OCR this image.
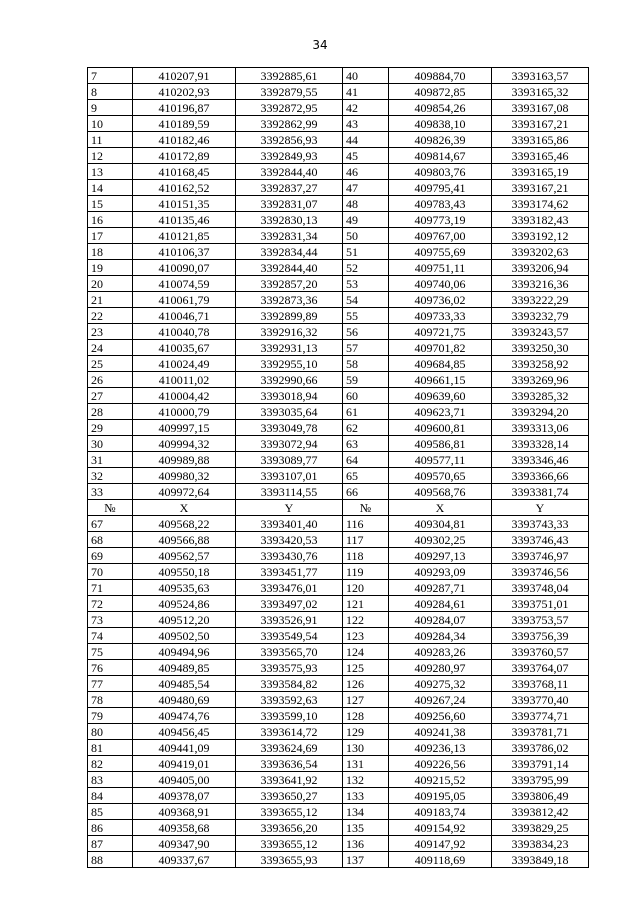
34
7	410207,91	3392885,61	40	409884,70	3393163,57
8	410202,93	3392879,55	41	409872,85	3393165,32
9	410196,87	3392872,95	42	409854,26	3393167,08
10	410189,59	3392862,99	43	409838,10	3393167,21
11	410182,46	3392856,93	44	409826,39	3393165,86
12	410172,89	3392849,93	45	409814,67	3393165,46
13	410168,45	3392844,40	46	409803,76	3393165,19
14	410162,52	3392837,27	47	409795,41	3393167,21
15	410151,35	3392831,07	48	409783,43	3393174,62
16	410135,46	3392830,13	49	409773,19	3393182,43
17	410121,85	3392831,34	50	409767,00	3393192,12
18	410106,37	3392834,44	51	409755,69	3393202,63
19	410090,07	3392844,40	52	409751,11	3393206,94
20	410074,59	3392857,20	53	409740,06	3393216,36
21	410061,79	3392873,36	54	409736,02	3393222,29
22	410046,71	3392899,89	55	409733,33	3393232,79
23	410040,78	3392916,32	56	409721,75	3393243,57
24	410035,67	3392931,13	57	409701,82	3393250,30
25	410024,49	3392955,10	58	409684,85	3393258,92
26	410011,02	3392990,66	59	409661,15	3393269,96
27	410004,42	3393018,94	60	409639,60	3393285,32
28	410000,79	3393035,64	61	409623,71	3393294,20
29	409997,15	3393049,78	62	409600,81	3393313,06
30	409994,32	3393072,94	63	409586,81	3393328,14
31	409989,88	3393089,77	64	409577,11	3393346,46
32	409980,32	3393107,01	65	409570,65	3393366,66
33	409972,64	3393114,55	66	409568,76	3393381,74
№	X	Y	№	X	Y
67	409568,22	3393401,40	116	409304,81	3393743,33
68	409566,88	3393420,53	117	409302,25	3393746,43
69	409562,57	3393430,76	118	409297,13	3393746,97
70	409550,18	3393451,77	119	409293,09	3393746,56
71	409535,63	3393476,01	120	409287,71	3393748,04
72	409524,86	3393497,02	121	409284,61	3393751,01
73	409512,20	3393526,91	122	409284,07	3393753,57
74	409502,50	3393549,54	123	409284,34	3393756,39
75	409494,96	3393565,70	124	409283,26	3393760,57
76	409489,85	3393575,93	125	409280,97	3393764,07
77	409485,54	3393584,82	126	409275,32	3393768,11
78	409480,69	3393592,63	127	409267,24	3393770,40
79	409474,76	3393599,10	128	409256,60	3393774,71
80	409456,45	3393614,72	129	409241,38	3393781,71
81	409441,09	3393624,69	130	409236,13	3393786,02
82	409419,01	3393636,54	131	409226,56	3393791,14
83	409405,00	3393641,92	132	409215,52	3393795,99
84	409378,07	3393650,27	133	409195,05	3393806,49
85	409368,91	3393655,12	134	409183,74	3393812,42
86	409358,68	3393656,20	135	409154,92	3393829,25
87	409347,90	3393655,12	136	409147,92	3393834,23
88	409337,67	3393655,93	137	409118,69	3393849,18
